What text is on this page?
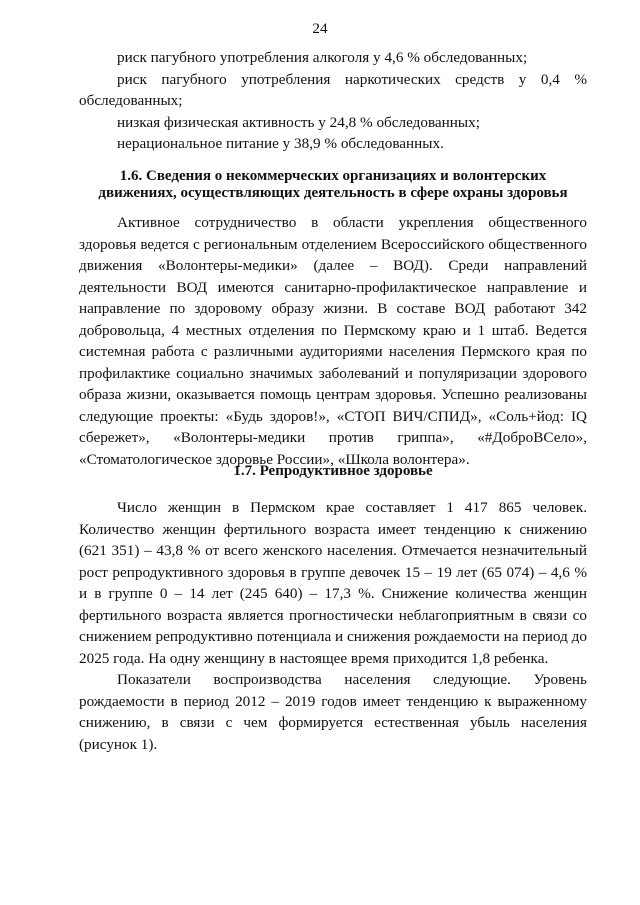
24

риск пагубного употребления алкоголя у 4,6 % обследованных;

риск пагубного употребления наркотических средств у 0,4 %

обследованных;

низкая физическая активность у 24,8 % обследованных;

нерациональное питание у 38,9 % обследованных.

1.6. Сведения о некоммерческих организациях и волонтерских

движениях, осуществляющих деятельность в сфере охраны здоровья

Активное сотрудничество в области укрепления общественного здоровья ведется с региональным отделением Всероссийского общественного движения «Волонтеры-медики» (далее – ВОД). Среди направлений деятельности ВОД имеются санитарно-профилактическое направление и направление по здоровому образу жизни. В составе ВОД работают 342 добровольца, 4 местных отделения по Пермскому краю и 1 штаб. Ведется системная работа с различными аудиториями населения Пермского края по профилактике социально значимых заболеваний и популяризации здорового образа жизни, оказывается помощь центрам здоровья. Успешно реализованы следующие проекты: «Будь здоров!», «СТОП ВИЧ/СПИД», «Соль+йод: IQ сбережет», «Волонтеры-медики против гриппа», «#ДоброВСело», «Стоматологическое здоровье России», «Школа волонтера».

1.7. Репродуктивное здоровье

Число женщин в Пермском крае составляет 1 417 865 человек. Количество женщин фертильного возраста имеет тенденцию к снижению (621 351) – 43,8 % от всего женского населения. Отмечается незначительный рост репродуктивного здоровья в группе девочек 15 – 19 лет (65 074) – 4,6 % и в группе 0 – 14 лет (245 640) – 17,3 %. Снижение количества женщин фертильного возраста является прогностически неблагоприятным в связи со снижением репродуктивно потенциала и снижения рождаемости на период до 2025 года. На одну женщину в настоящее время приходится 1,8 ребенка.

Показатели воспроизводства населения следующие. Уровень рождаемости в период 2012 – 2019 годов имеет тенденцию к выраженному снижению, в связи с чем формируется естественная убыль населения (рисунок 1).
